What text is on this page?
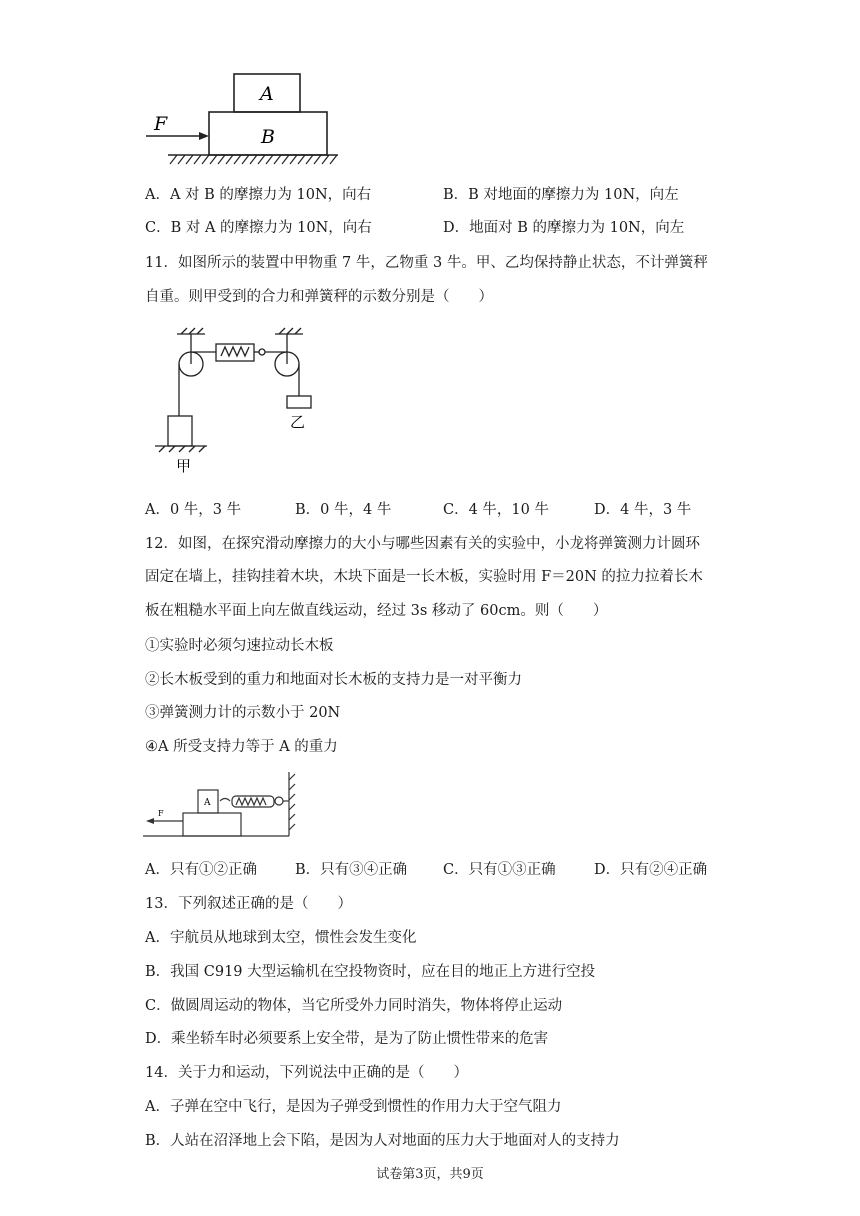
A
B
F
A．A 对 B 的摩擦力为 10N，向右	B．B 对地面的摩擦力为 10N，向左
C．B 对 A 的摩擦力为 10N，向右	D．地面对 B 的摩擦力为 10N，向左
11．如图所示的装置中甲物重 7 牛，乙物重 3 牛。甲、乙均保持静止状态，不计弹簧秤
自重。则甲受到的合力和弹簧秤的示数分别是（　　）
甲
乙
A．0 牛，3 牛	B．0 牛，4 牛	C．4 牛，10 牛	D．4 牛，3 牛
12．如图，在探究滑动摩擦力的大小与哪些因素有关的实验中，小龙将弹簧测力计圆环
固定在墙上，挂钩挂着木块，木块下面是一长木板，实验时用 F＝20N 的拉力拉着长木
板在粗糙水平面上向左做直线运动，经过 3s 移动了 60cm。则（　　）
①实验时必须匀速拉动长木板
②长木板受到的重力和地面对长木板的支持力是一对平衡力
③弹簧测力计的示数小于 20N
④A 所受支持力等于 A 的重力
A
F
A．只有①②正确	B．只有③④正确 C．只有①③正确	D．只有②④正确
13．下列叙述正确的是（　　）
A．宇航员从地球到太空，惯性会发生变化
B．我国 C919 大型运输机在空投物资时，应在目的地正上方进行空投
C．做圆周运动的物体，当它所受外力同时消失，物体将停止运动
D．乘坐轿车时必须要系上安全带，是为了防止惯性带来的危害
14．关于力和运动，下列说法中正确的是（　　）
A．子弹在空中飞行，是因为子弹受到惯性的作用力大于空气阻力
B．人站在沼泽地上会下陷，是因为人对地面的压力大于地面对人的支持力
试卷第3页，共9页
